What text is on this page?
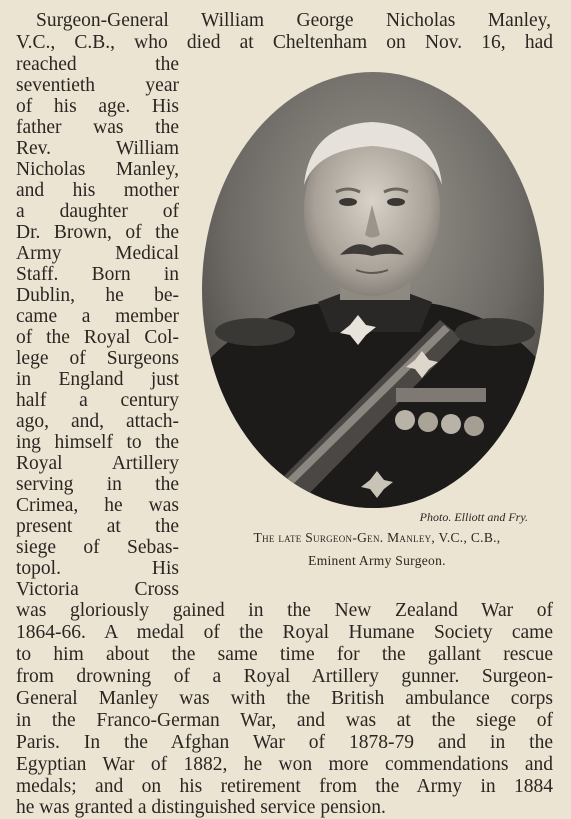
Surgeon-General William George Nicholas Manley,
V.C., C.B., who died at Cheltenham on Nov. 16, had
reached the
seventieth year
of his age. His
father was the
Rev. William
Nicholas Manley,
and his mother
a daughter of
Dr. Brown, of the
Army Medical
Staff. Born in
Dublin, he be-
came a member
of the Royal Col-
lege of Surgeons
in England just
half a century
ago, and, attach-
ing himself to the
Royal Artillery
serving in the
Crimea, he was
present at the
siege of Sebas-
topol. His
Victoria Cross
was gloriously gained in the New Zealand War of
1864-66. A medal of the Royal Humane Society came
to him about the same time for the gallant rescue
from drowning of a Royal Artillery gunner. Surgeon-
General Manley was with the British ambulance corps
in the Franco-German War, and was at the siege of
Paris. In the Afghan War of 1878-79 and in the
Egyptian War of 1882, he won more commendations and
medals; and on his retirement from the Army in 1884
he was granted a distinguished service pension.
Photo. Elliott and Fry.
The late Surgeon-Gen. Manley, V.C., C.B.,
Eminent Army Surgeon.
